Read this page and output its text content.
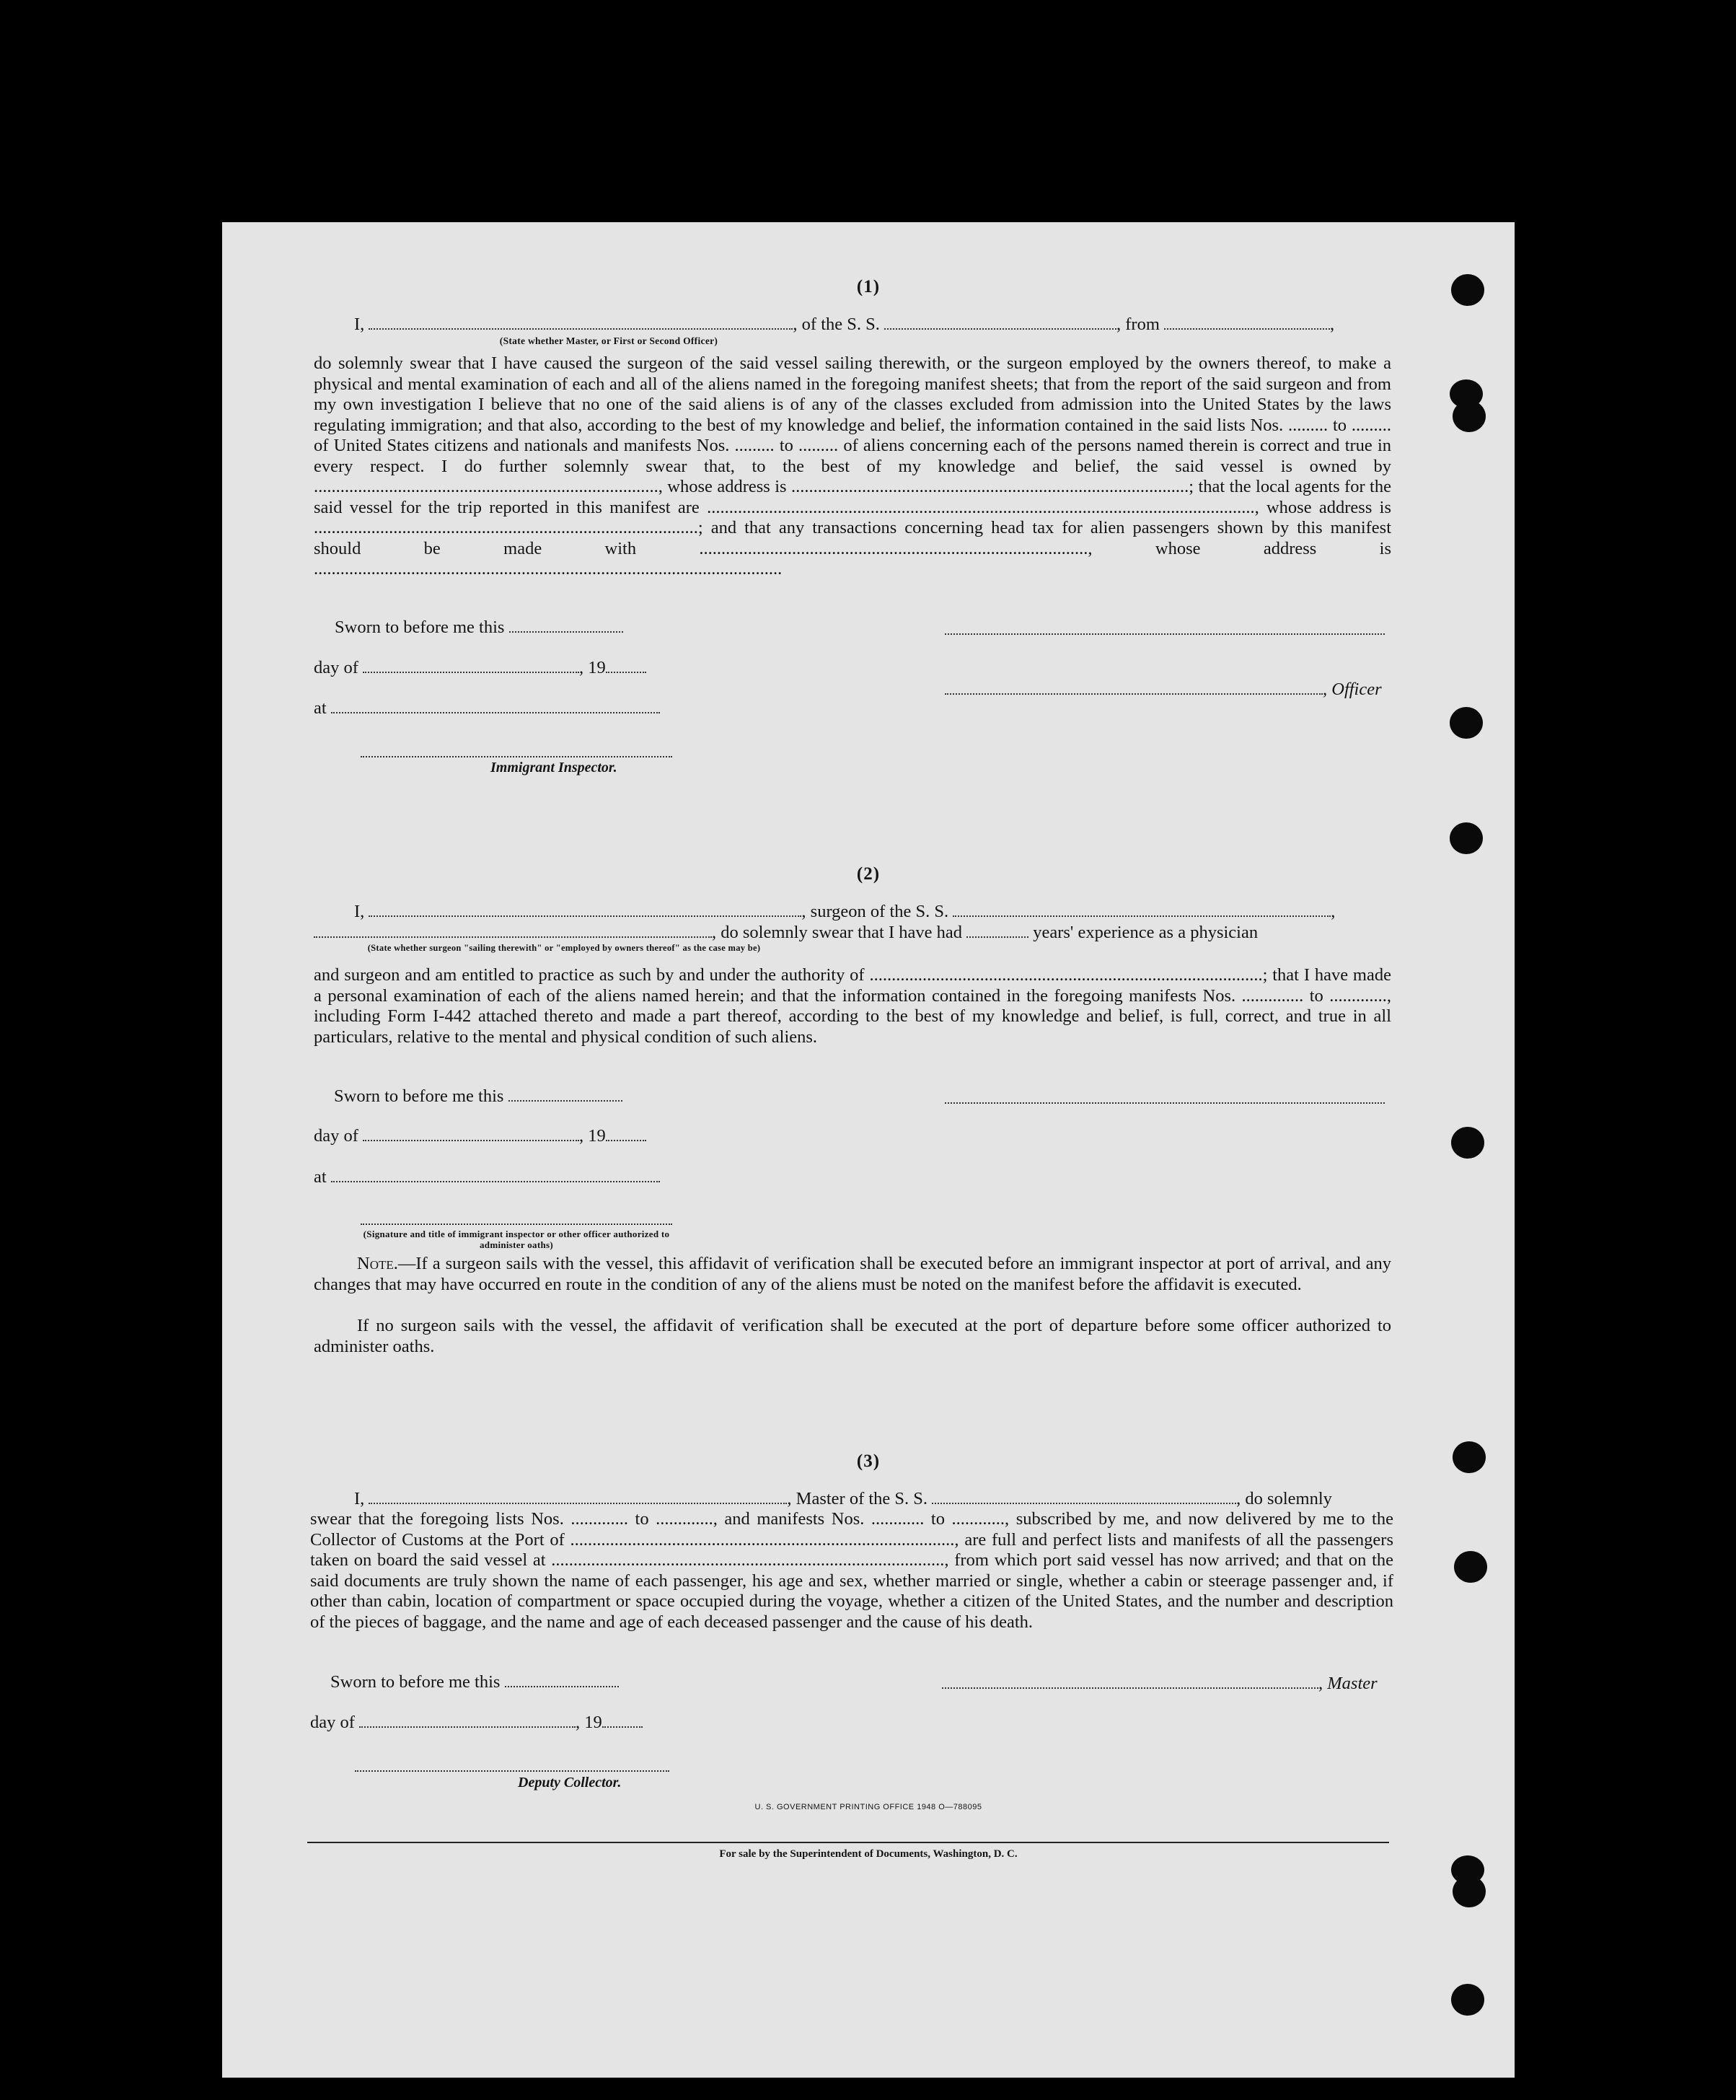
(1)
I,	, of the S. S.	, from	,
(State whether Master, or First or Second Officer)
do solemnly swear that I have caused the surgeon of the said vessel sailing therewith, or the surgeon employed by the owners thereof, to make a physical and mental examination of each and all of the aliens named in the foregoing manifest sheets; that from the report of the said surgeon and from my own investigation I believe that no one of the said aliens is of any of the classes excluded from admission into the United States by the laws regulating immigration; and that also, according to the best of my knowledge and belief, the information contained in the said lists Nos. ......... to ......... of United States citizens and nationals and manifests Nos. ......... to ......... of aliens concerning each of the persons named therein is correct and true in every respect. I do further solemnly swear that, to the best of my knowledge and belief, the said vessel is owned by .............................................................................., whose address is ..........................................................................................; that the local agents for the said vessel for the trip reported in this manifest are ............................................................................................................................, whose address is .......................................................................................; and that any transactions concerning head tax for alien passengers shown by this manifest should be made with ........................................................................................, whose address is ..........................................................................................................
Sworn to before me this
day of	, 19
, Officer
at
Immigrant Inspector.
(2)
I,	, surgeon of the S. S.	,
, do solemnly swear that I have had	years' experience as a physician
(State whether surgeon "sailing therewith" or "employed by owners thereof" as the case may be)
and surgeon and am entitled to practice as such by and under the authority of .........................................................................................; that I have made a personal examination of each of the aliens named herein; and that the information contained in the foregoing manifests Nos. .............. to ............., including Form I-442 attached thereto and made a part thereof, according to the best of my knowledge and belief, is full, correct, and true in all particulars, relative to the mental and physical condition of such aliens.
Sworn to before me this
day of	, 19
at
(Signature and title of immigrant inspector or other officer authorized to administer oaths)
Note.—If a surgeon sails with the vessel, this affidavit of verification shall be executed before an immigrant inspector at port of arrival, and any changes that may have occurred en route in the condition of any of the aliens must be noted on the manifest before the affidavit is executed.
If no surgeon sails with the vessel, the affidavit of verification shall be executed at the port of departure before some officer authorized to administer oaths.
(3)
I,	, Master of the S. S.	, do solemnly
swear that the foregoing lists Nos. ............. to ............., and manifests Nos. ............ to ............, subscribed by me, and now delivered by me to the Collector of Customs at the Port of ......................................................................................., are full and perfect lists and manifests of all the passengers taken on board the said vessel at ........................................................................................., from which port said vessel has now arrived; and that on the said documents are truly shown the name of each passenger, his age and sex, whether married or single, whether a cabin or steerage passenger and, if other than cabin, location of compartment or space occupied during the voyage, whether a citizen of the United States, and the number and description of the pieces of baggage, and the name and age of each deceased passenger and the cause of his death.
Sworn to before me this	, Master
day of	, 19
Deputy Collector.
U. S. GOVERNMENT PRINTING OFFICE 1948 O—788095
For sale by the Superintendent of Documents, Washington, D. C.
